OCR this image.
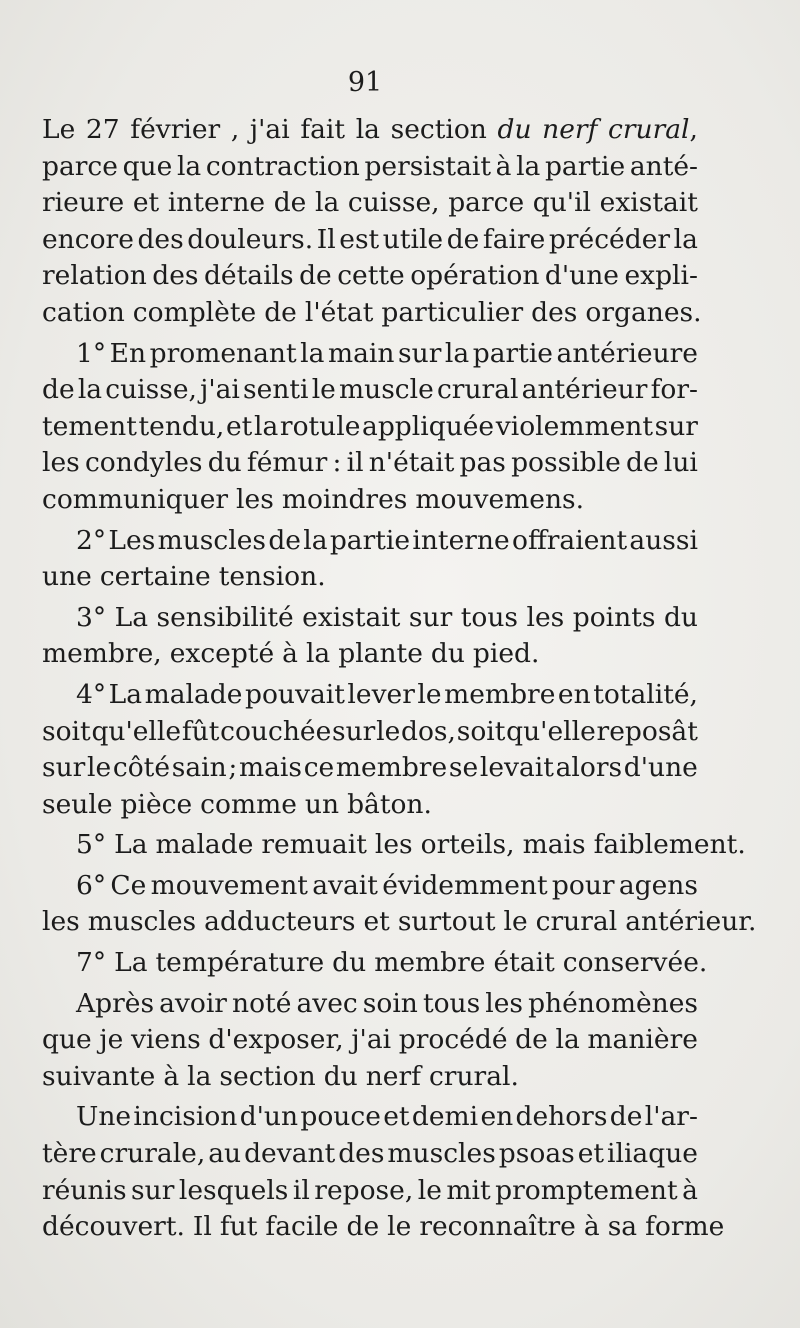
91
Le 27 février , j'ai fait la section du nerf crural,
parce que la contraction persistait à la partie anté-
rieure et interne de la cuisse, parce qu'il existait
encore des douleurs. Il est utile de faire précéder la
relation des détails de cette opération d'une expli-
cation complète de l'état particulier des organes.
1° En promenant la main sur la partie antérieure
de la cuisse, j'ai senti le muscle crural antérieur for-
tement tendu, et la rotule appliquée violemment sur
les condyles du fémur : il n'était pas possible de lui
communiquer les moindres mouvemens.
2° Les muscles de la partie interne offraient aussi
une certaine tension.
3° La sensibilité existait sur tous les points du
membre, excepté à la plante du pied.
4° La malade pouvait lever le membre en totalité,
soit qu'elle fût couchée sur le dos, soit qu'elle reposât
sur le côté sain ; mais ce membre se levait alors d'une
seule pièce comme un bâton.
5° La malade remuait les orteils, mais faiblement.
6° Ce mouvement avait évidemment pour agens
les muscles adducteurs et surtout le crural antérieur.
7° La température du membre était conservée.
Après avoir noté avec soin tous les phénomènes
que je viens d'exposer, j'ai procédé de la manière
suivante à la section du nerf crural.
Une incision d'un pouce et demi en dehors de l'ar-
tère crurale, au devant des muscles psoas et iliaque
réunis sur lesquels il repose, le mit promptement à
découvert. Il fut facile de le reconnaître à sa forme
